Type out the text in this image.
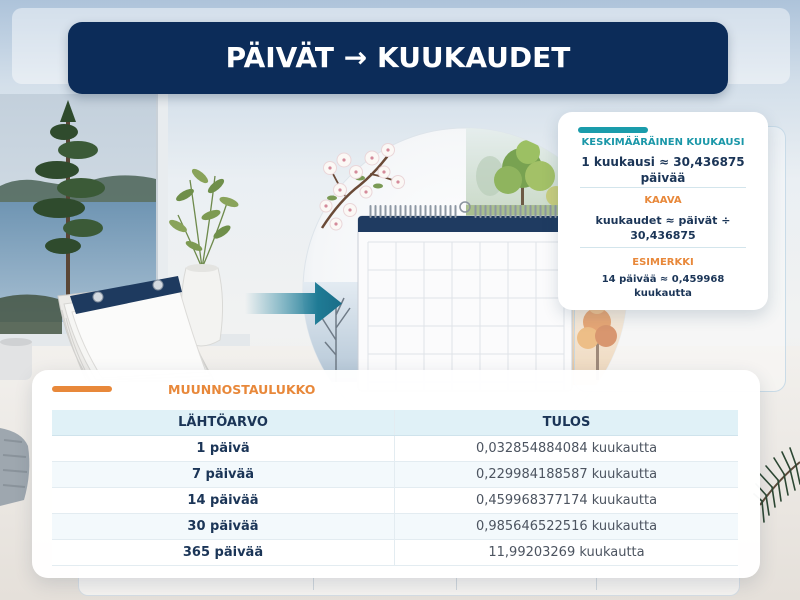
KESKIMÄÄRÄINEN KUUKAUSI
1 kuukausi ≈ 30,436875 päivää
KAAVA
kuukaudet ≈ päivät ÷ 30,436875
ESIMERKKI
14 päivää ≈ 0,459968 kuukautta
PÄIVÄT → KUUKAUDET
MUUNNOSTAULUKKO
LÄHTÖARVO	TULOS
1 päivä	0,032854884084 kuukautta
7 päivää	0,229984188587 kuukautta
14 päivää	0,459968377174 kuukautta
30 päivää	0,985646522516 kuukautta
365 päivää	11,99203269 kuukautta
